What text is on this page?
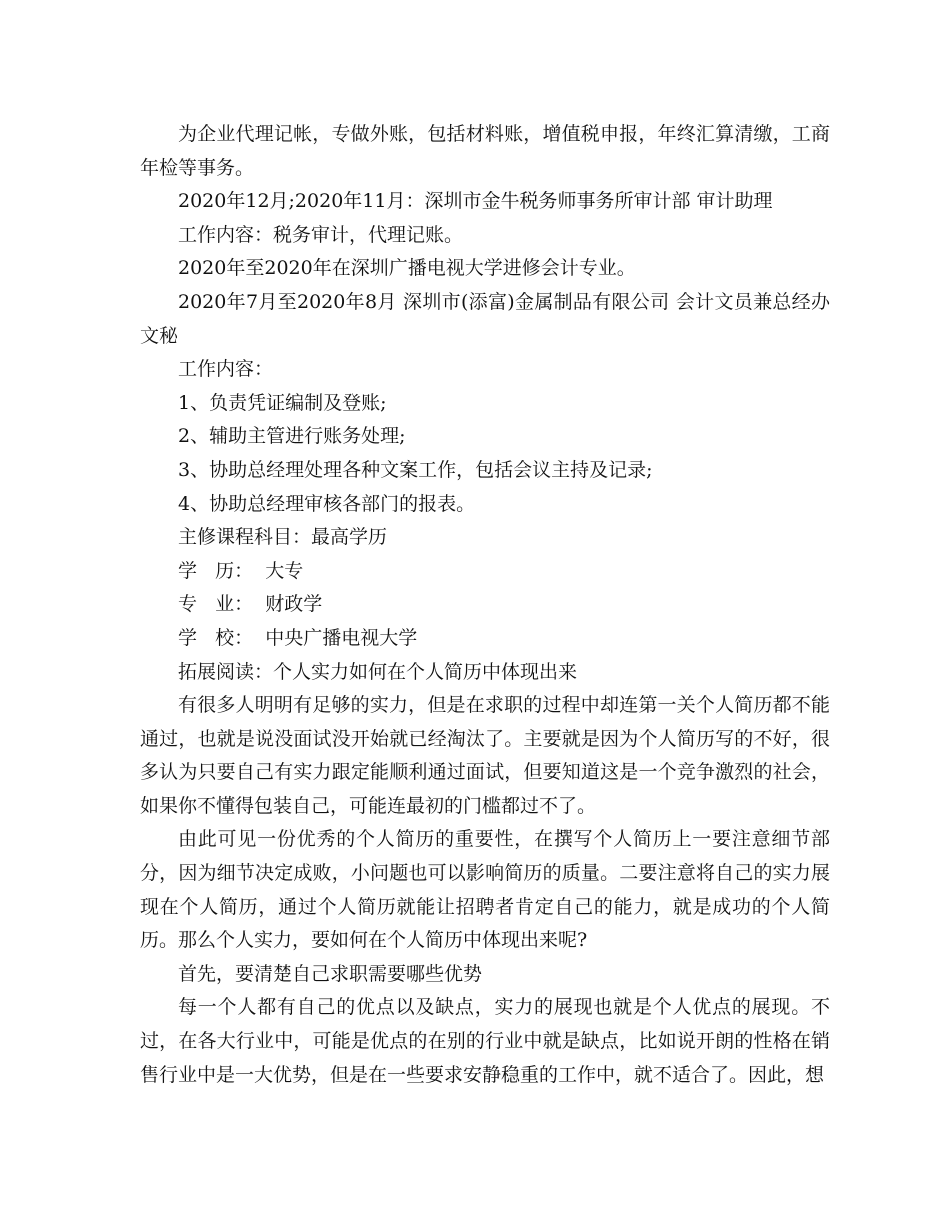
为企业代理记帐，专做外账，包括材料账，增值税申报，年终汇算清缴，工商年检等事务。

2020年12月;2020年11月：深圳市金牛税务师事务所审计部 审计助理

工作内容：税务审计，代理记账。

2020年至2020年在深圳广播电视大学进修会计专业。

2020年7月至2020年8月 深圳市(添富)金属制品有限公司 会计文员兼总经办文秘

工作内容：

1、负责凭证编制及登账;

2、辅助主管进行账务处理;

3、协助总经理处理各种文案工作，包括会议主持及记录;

4、协助总经理审核各部门的报表。

主修课程科目：最高学历

学   历：  大专

专   业：  财政学

学   校：  中央广播电视大学

拓展阅读：个人实力如何在个人简历中体现出来

有很多人明明有足够的实力，但是在求职的过程中却连第一关个人简历都不能通过，也就是说没面试没开始就已经淘汰了。主要就是因为个人简历写的不好，很多认为只要自己有实力跟定能顺利通过面试，但要知道这是一个竞争激烈的社会，如果你不懂得包装自己，可能连最初的门槛都过不了。

由此可见一份优秀的个人简历的重要性，在撰写个人简历上一要注意细节部分，因为细节决定成败，小问题也可以影响简历的质量。二要注意将自己的实力展现在个人简历，通过个人简历就能让招聘者肯定自己的能力，就是成功的个人简历。那么个人实力，要如何在个人简历中体现出来呢?

首先，要清楚自己求职需要哪些优势

每一个人都有自己的优点以及缺点，实力的展现也就是个人优点的展现。不过，在各大行业中，可能是优点的在别的行业中就是缺点，比如说开朗的性格在销售行业中是一大优势，但是在一些要求安静稳重的工作中，就不适合了。因此，想
